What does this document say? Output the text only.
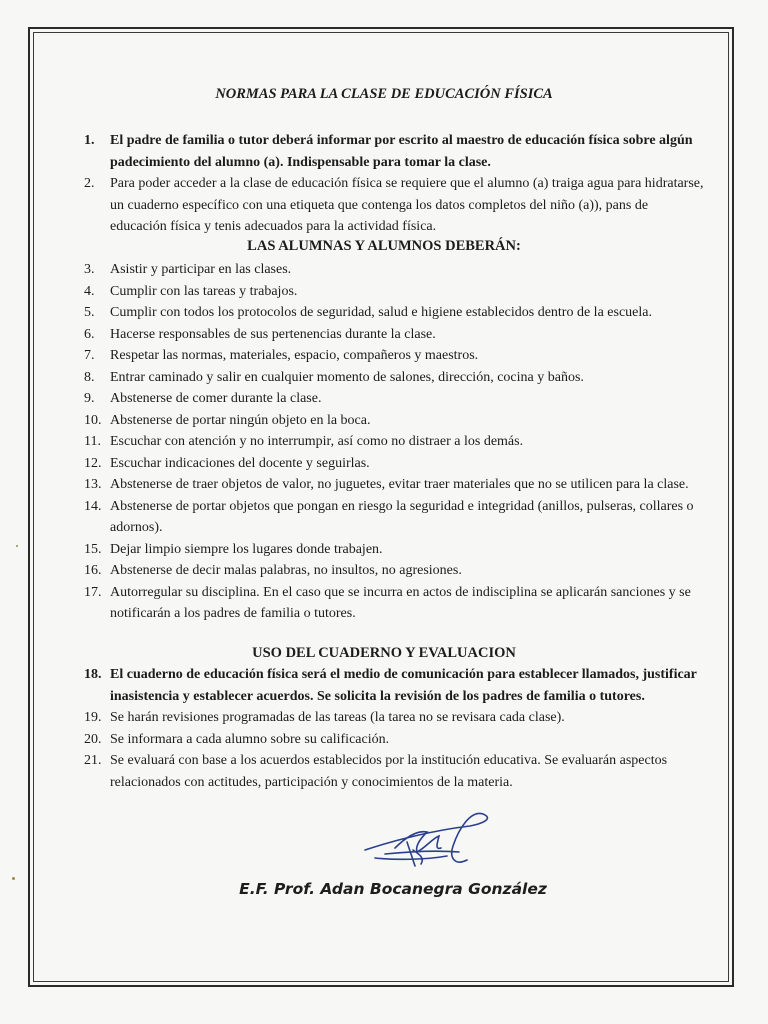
NORMAS PARA LA CLASE DE EDUCACIÓN FÍSICA
1.	El padre de familia o tutor deberá informar por escrito al maestro de educación física sobre algún padecimiento del alumno (a). Indispensable para tomar la clase.
2.	Para poder acceder a la clase de educación física se requiere que el alumno (a) traiga agua para hidratarse, un cuaderno específico con una etiqueta que contenga los datos completos del niño (a)), pans de educación física y tenis adecuados para la actividad física.
LAS ALUMNAS Y ALUMNOS DEBERÁN:
3.	Asistir y participar en las clases.
4.	Cumplir con las tareas y trabajos.
5.	Cumplir con todos los protocolos de seguridad, salud e higiene establecidos dentro de la escuela.
6.	Hacerse responsables de sus pertenencias durante la clase.
7.	Respetar las normas, materiales, espacio, compañeros y maestros.
8.	Entrar caminado y salir en cualquier momento de salones, dirección, cocina y baños.
9.	Abstenerse de comer durante la clase.
10. Abstenerse de portar ningún objeto en la boca.
11. Escuchar con atención y no interrumpir, así como no distraer a los demás.
12. Escuchar indicaciones del docente y seguirlas.
13. Abstenerse de traer objetos de valor, no juguetes, evitar traer materiales que no se utilicen para la clase.
14. Abstenerse de portar objetos que pongan en riesgo la seguridad e integridad (anillos, pulseras, collares o adornos).
15. Dejar limpio siempre los lugares donde trabajen.
16. Abstenerse de decir malas palabras, no insultos, no agresiones.
17. Autorregular su disciplina. En el caso que se incurra en actos de indisciplina se aplicarán sanciones y se notificarán a los padres de familia o tutores.
USO DEL CUADERNO Y EVALUACION
18. El cuaderno de educación física será el medio de comunicación para establecer llamados, justificar inasistencia y establecer acuerdos. Se solicita la revisión de los padres de familia o tutores.
19. Se harán revisiones programadas de las tareas (la tarea no se revisara cada clase).
20. Se informara a cada alumno sobre su calificación.
21. Se evaluará con base a los acuerdos establecidos por la institución educativa. Se evaluarán aspectos relacionados con actitudes, participación y conocimientos de la materia.
E.F. Prof. Adan Bocanegra González
